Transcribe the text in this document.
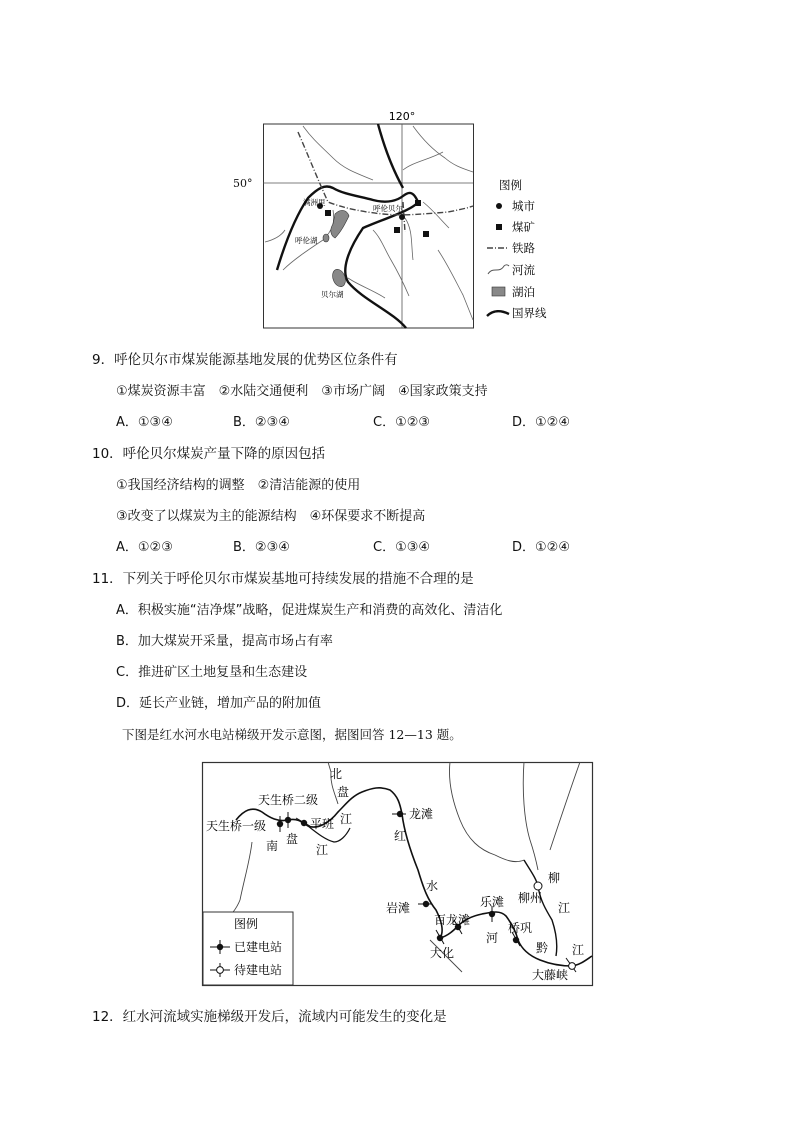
120°
满洲里
呼伦贝尔
呼伦湖
贝尔湖
图例
城市
煤矿
铁路
河流
湖泊
国界线
50°
9．呼伦贝尔市煤炭能源基地发展的优势区位条件有
①煤炭资源丰富　②水陆交通便利　③市场广阔　④国家政策支持
A．①③④	B．②③④	C．①②③	D．①②④
10．呼伦贝尔煤炭产量下降的原因包括
①我国经济结构的调整　②清洁能源的使用
③改变了以煤炭为主的能源结构　④环保要求不断提高
A．①②③	B．②③④	C．①③④	D．①②④
11．下列关于呼伦贝尔市煤炭基地可持续发展的措施不合理的是
A．积极实施“洁净煤”战略，促进煤炭生产和消费的高效化、清洁化
B．加大煤炭开采量，提高市场占有率
C．推进矿区土地复垦和生态建设
D．延长产业链，增加产品的附加值
下图是红水河水电站梯级开发示意图，据图回答 12—13 题。
天生桥二级
天生桥一级	平班
龙滩
岩滩
百龙滩
大化
乐滩
桥巩
柳
柳州
大藤峡
江
北
盘
江
南 盘
江
红
水
河
黔 江
图例
已建电站
待建电站
12．红水河流域实施梯级开发后，流域内可能发生的变化是
